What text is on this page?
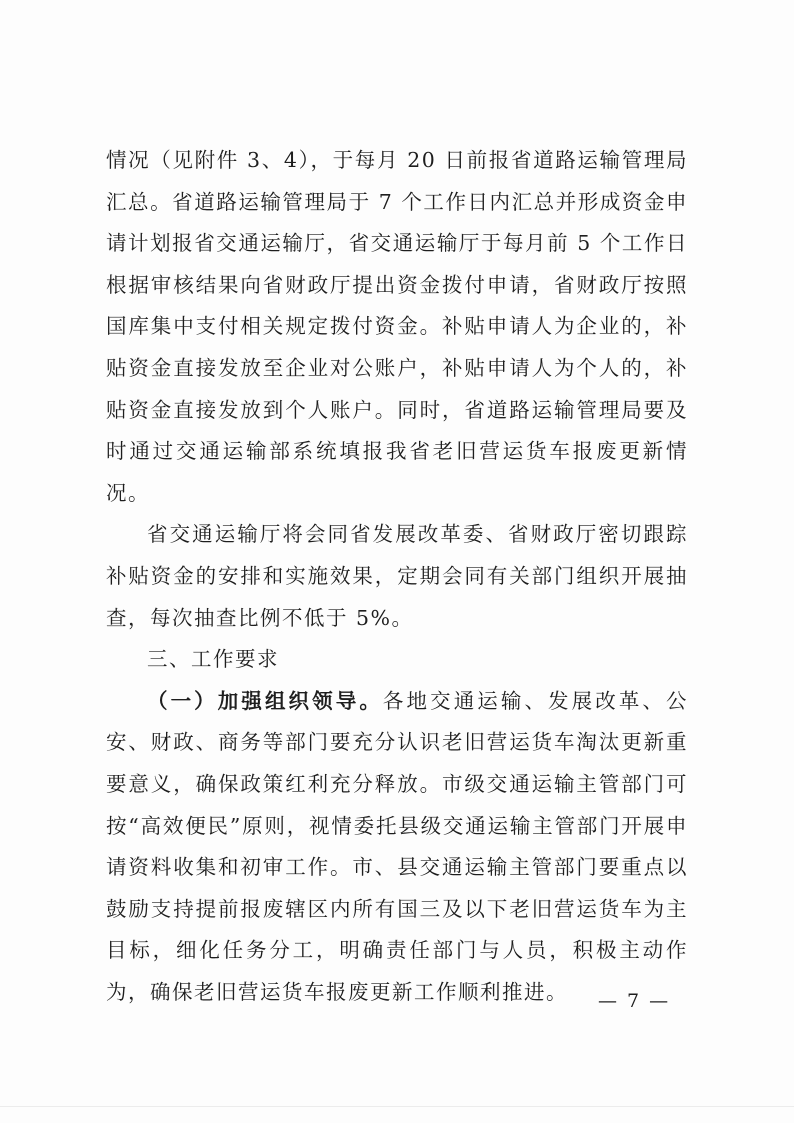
情况（见附件 3、4），于每月 20 日前报省道路运输管理局汇总。省道路运输管理局于 7 个工作日内汇总并形成资金申请计划报省交通运输厅，省交通运输厅于每月前 5 个工作日根据审核结果向省财政厅提出资金拨付申请，省财政厅按照国库集中支付相关规定拨付资金。补贴申请人为企业的，补贴资金直接发放至企业对公账户，补贴申请人为个人的，补贴资金直接发放到个人账户。同时，省道路运输管理局要及时通过交通运输部系统填报我省老旧营运货车报废更新情况。

省交通运输厅将会同省发展改革委、省财政厅密切跟踪补贴资金的安排和实施效果，定期会同有关部门组织开展抽查，每次抽查比例不低于 5%。

三、工作要求

（一）加强组织领导。各地交通运输、发展改革、公安、财政、商务等部门要充分认识老旧营运货车淘汰更新重要意义，确保政策红利充分释放。市级交通运输主管部门可按“高效便民”原则，视情委托县级交通运输主管部门开展申请资料收集和初审工作。市、县交通运输主管部门要重点以鼓励支持提前报废辖区内所有国三及以下老旧营运货车为主目标，细化任务分工，明确责任部门与人员，积极主动作为，确保老旧营运货车报废更新工作顺利推进。	— 7 —
